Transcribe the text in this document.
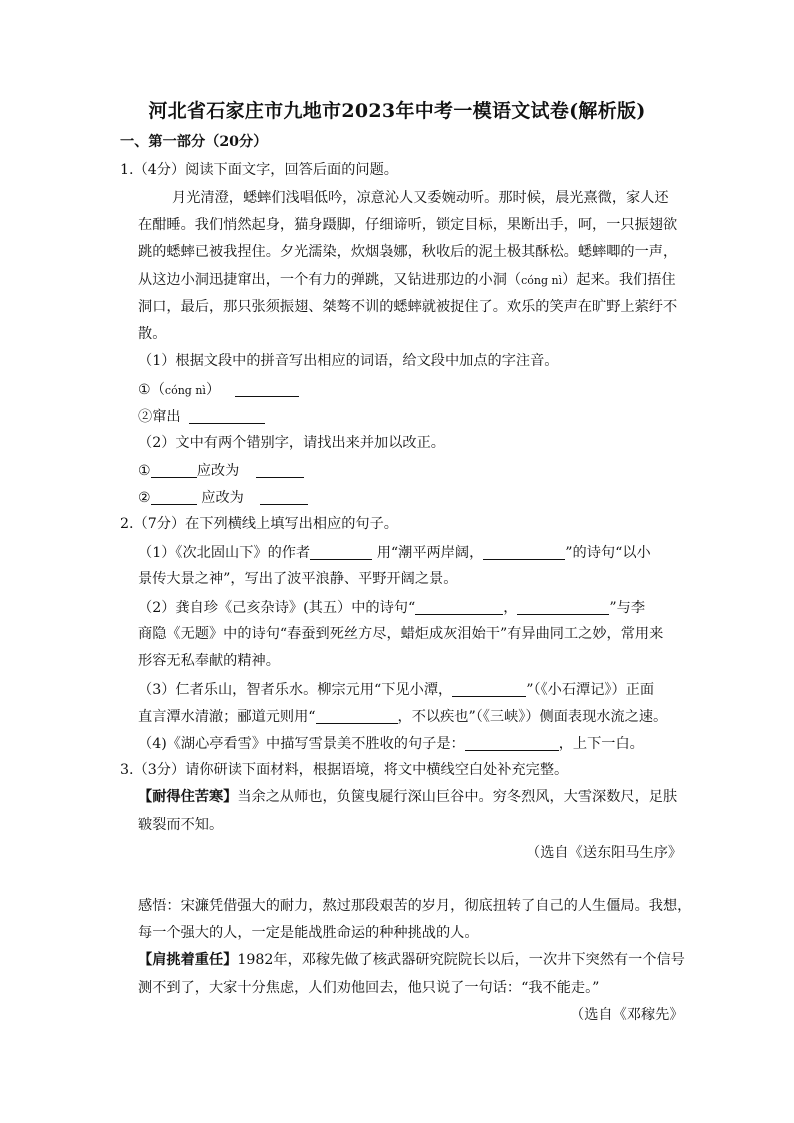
河北省石家庄市九地市2023年中考一模语文试卷(解析版)
一、第一部分（20分）
1.（4分）阅读下面文字，回答后面的问题。
月光清澄，蟋蟀们浅唱低吟，凉意沁人又委婉动听。那时候，晨光熹微，家人还
在酣睡。我们悄然起身，猫身蹑脚，仔细谛听，锁定目标，果断出手，呵，一只振翅欲
跳的蟋蟀已被我捏住。夕光濡染，炊烟袅娜，秋收后的泥土极其酥松。蟋蟀唧的一声，
从这边小洞迅捷窜出，一个有力的弹跳，又钻进那边的小洞（cóng nì）起来。我们捂住
洞口，最后，那只张须振翅、桀骜不训的蟋蟀就被捉住了。欢乐的笑声在旷野上萦纡不
散。
（1）根据文段中的拼音写出相应的词语，给文段中加点的字注音。
①（cóng nì）
②窜出
（2）文中有两个错别字，请找出来并加以改正。
①	应改为
②	应改为
2.（7分）在下列横线上填写出相应的句子。
（1）《次北固山下》的作者	用“潮平两岸阔，	”的诗句“以小
景传大景之神”，写出了波平浪静、平野开阔之景。
（2）龚自珍《己亥杂诗》(其五）中的诗句“	，	”与李
商隐《无题》中的诗句“春蚕到死丝方尽，蜡炬成灰泪始干”有异曲同工之妙，常用来
形容无私奉献的精神。
（3）仁者乐山，智者乐水。柳宗元用“下见小潭，	”（《小石潭记》）正面
直言潭水清澈；郦道元则用“	，不以疾也”（《三峡》）侧面表现水流之速。
（4)《湖心亭看雪》中描写雪景美不胜收的句子是：	，上下一白。
3.（3分）请你研读下面材料，根据语境，将文中横线空白处补充完整。
【耐得住苦寒】当余之从师也，负箧曳屣行深山巨谷中。穷冬烈风，大雪深数尺，足肤
皲裂而不知。
（选自《送东阳马生序》
感悟：宋濂凭借强大的耐力，熬过那段艰苦的岁月，彻底扭转了自己的人生僵局。我想，
每一个强大的人，一定是能战胜命运的种种挑战的人。
【肩挑着重任】1982年，邓稼先做了核武器研究院院长以后，一次井下突然有一个信号
测不到了，大家十分焦虑，人们劝他回去，他只说了一句话：“我不能走。”
（选自《邓稼先》
